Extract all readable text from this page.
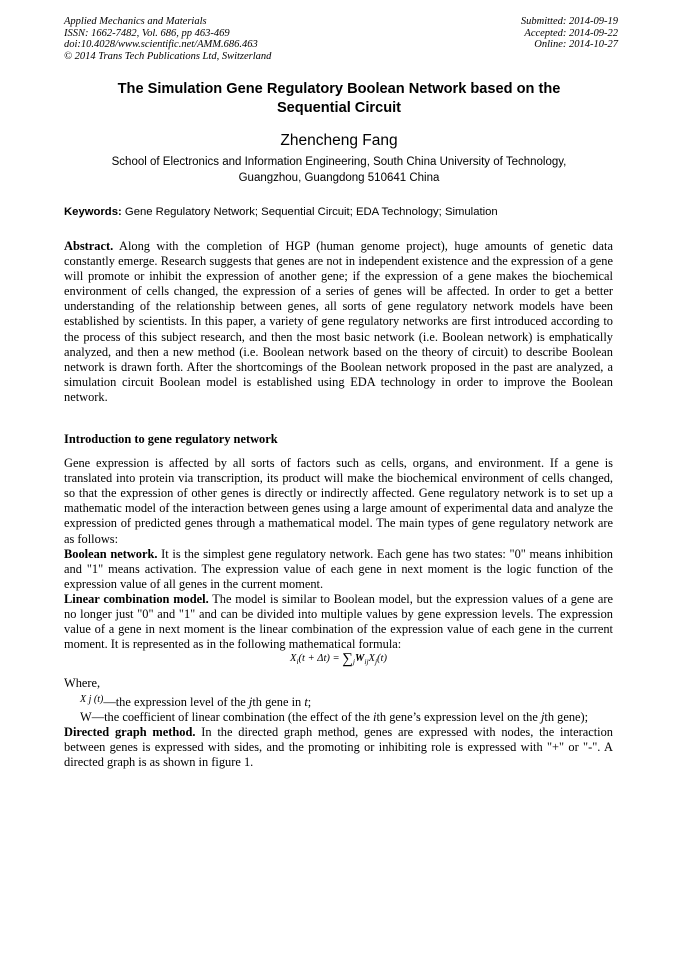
Applied Mechanics and Materials
ISSN: 1662-7482, Vol. 686, pp 463-469
doi:10.4028/www.scientific.net/AMM.686.463
© 2014 Trans Tech Publications Ltd, Switzerland
Submitted: 2014-09-19
Accepted: 2014-09-22
Online: 2014-10-27
The Simulation Gene Regulatory Boolean Network based on the
Sequential Circuit
Zhencheng Fang
School of Electronics and Information Engineering, South China University of Technology,
Guangzhou, Guangdong 510641 China
Keywords: Gene Regulatory Network; Sequential Circuit; EDA Technology; Simulation

Abstract. Along with the completion of HGP (human genome project), huge amounts of genetic data constantly emerge. Research suggests that genes are not in independent existence and the expression of a gene will promote or inhibit the expression of another gene; if the expression of a gene makes the biochemical environment of cells changed, the expression of a series of genes will be affected. In order to get a better understanding of the relationship between genes, all sorts of gene regulatory network models have been established by scientists. In this paper, a variety of gene regulatory networks are first introduced according to the process of this subject research, and then the most basic network (i.e. Boolean network) is emphatically analyzed, and then a new method (i.e. Boolean network based on the theory of circuit) to describe Boolean network is drawn forth. After the shortcomings of the Boolean network proposed in the past are analyzed, a simulation circuit Boolean model is established using EDA technology in order to improve the Boolean network.

Introduction to gene regulatory network

Gene expression is affected by all sorts of factors such as cells, organs, and environment. If a gene is translated into protein via transcription, its product will make the biochemical environment of cells changed, so that the expression of other genes is directly or indirectly affected. Gene regulatory network is to set up a mathematic model of the interaction between genes using a large amount of experimental data and analyze the expression of predicted genes through a mathematical model. The main types of gene regulatory network are as follows:

Boolean network. It is the simplest gene regulatory network. Each gene has two states: "0" means inhibition and "1" means activation. The expression value of each gene in next moment is the logic function of the expression value of all genes in the current moment.

Linear combination model. The model is similar to Boolean model, but the expression values of a gene are no longer just "0" and "1" and can be divided into multiple values by gene expression levels. The expression value of a gene in next moment is the linear combination of the expression value of each gene in the current moment. It is represented as in the following mathematical formula:

$X_i(t + \Delta t) = \sum_jW_{ij}X_j(t)$

Where,

$^{X j (t)}$—the expression level of the jth gene in t;

W—the coefficient of linear combination (the effect of the ith gene’s expression level on the jth gene);

Directed graph method. In the directed graph method, genes are expressed with nodes, the interaction between genes is expressed with sides, and the promoting or inhibiting role is expressed with "+" or "-". A directed graph is as shown in figure 1.
